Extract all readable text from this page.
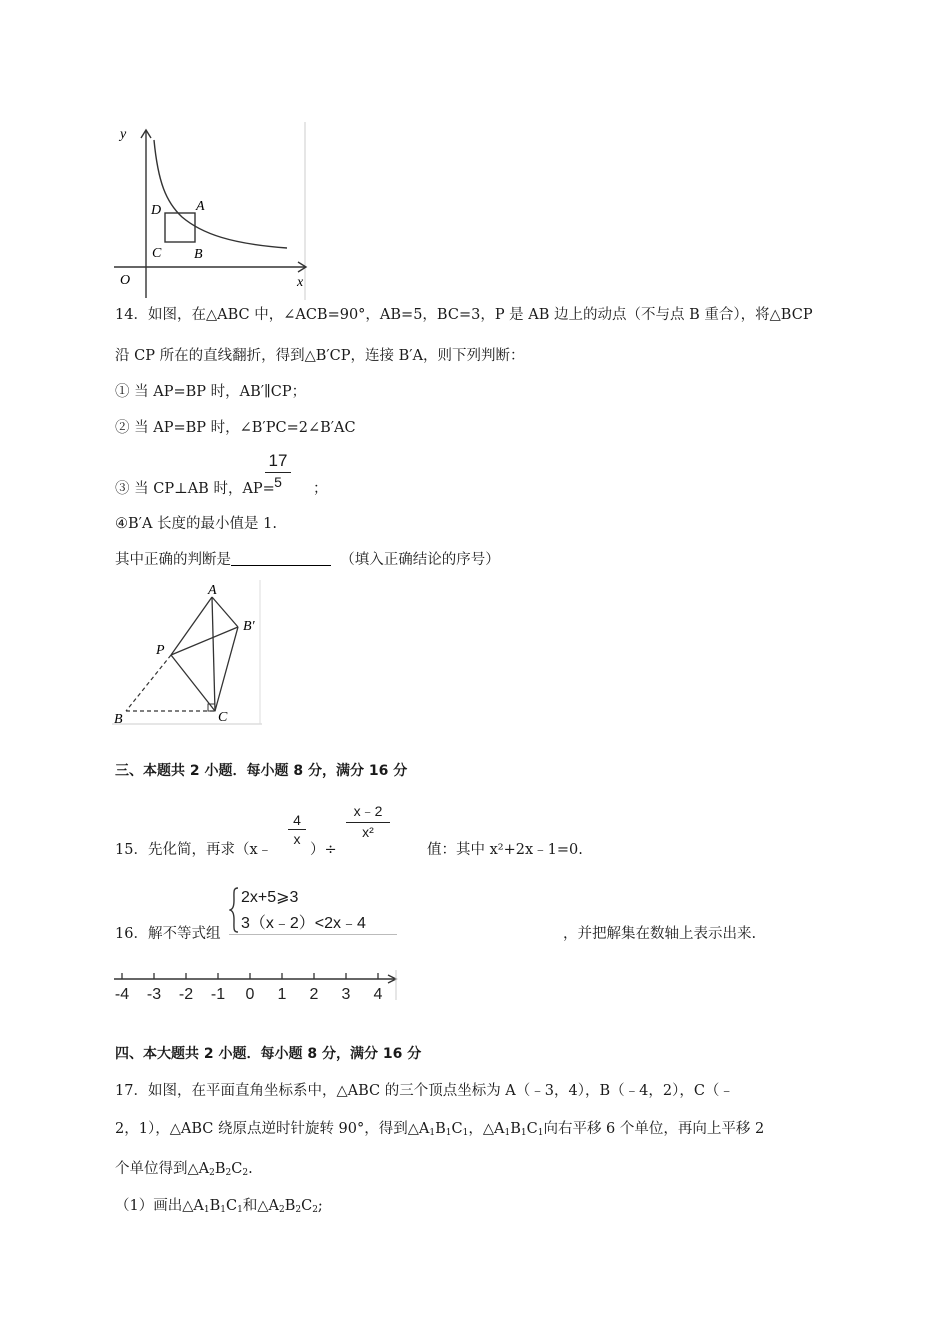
y
x
O
D A
C B
14．如图，在△ABC 中，∠ACB=90°，AB=5，BC=3，P 是 AB 边上的动点（不与点 B 重合），将△BCP
沿 CP 所在的直线翻折，得到△B′CP，连接 B′A，则下列判断：
① 当 AP=BP 时，AB′∥CP；
② 当 AP=BP 时，∠B′PC=2∠B′AC
③ 当 CP⊥AB 时，AP=
17
5	；
④B′A 长度的最小值是 1.
其中正确的判断是	（填入正确结论的序号）
A
B′
P
B	C
三、本题共 2 小题．每小题 8 分，满分 16 分
15．先化简，再求（x﹣
4
x
）÷
x﹣2
x²
值：其中 x²+2x﹣1=0.
16．解不等式组
2x+5⩾3
3（x﹣2）<2x﹣4
，并把解集在数轴上表示出来.
-4 -3 -2 -1 0 1 2 3 4
四、本大题共 2 小题．每小题 8 分，满分 16 分
17．如图，在平面直角坐标系中，△ABC 的三个顶点坐标为 A（﹣3，4），B（﹣4，2），C（﹣
2，1），△ABC 绕原点逆时针旋转 90°，得到$\triangle A_1B_1C_1$，$\triangle A_1B_1C_1$向右平移 6 个单位，再向上平移 2
个单位得到$\triangle A_2B_2C_2$.
（1）画出$\triangle A_1B_1C_1$和$\triangle A_2B_2C_2$;
